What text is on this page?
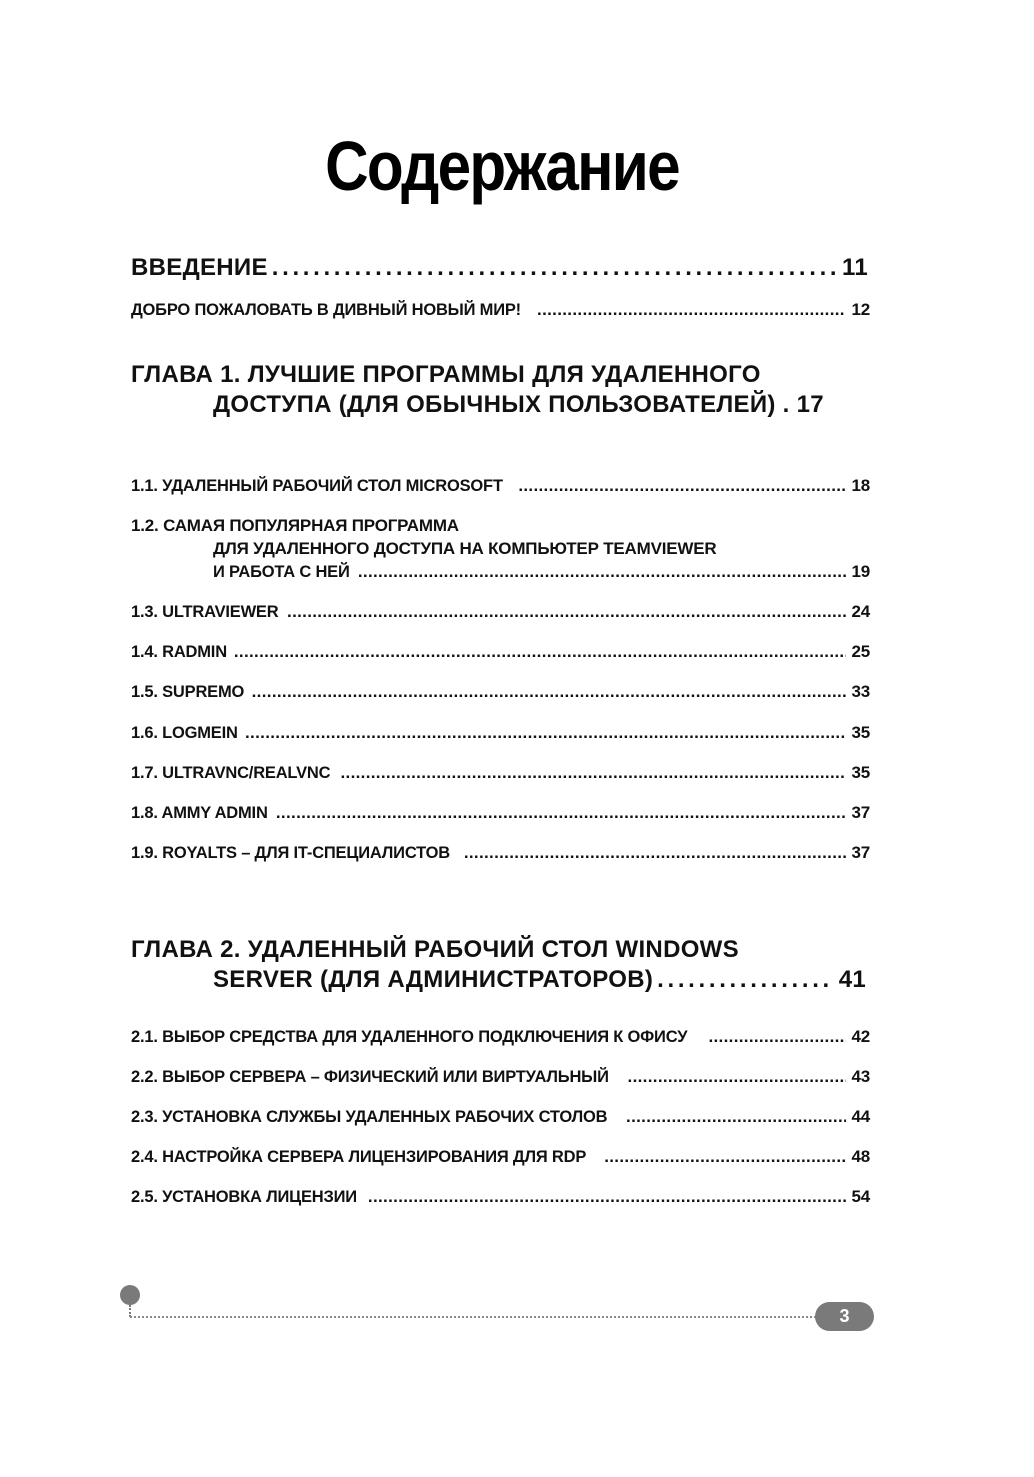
Содержание
ВВЕДЕНИЕ . . .	11
ДОБРО ПОЖАЛОВАТЬ В ДИВНЫЙ НОВЫЙ МИР! . . .	12
ГЛАВА 1. ЛУЧШИЕ ПРОГРАММЫ ДЛЯ УДАЛЕННОГО
ДОСТУПА (ДЛЯ ОБЫЧНЫХ ПОЛЬЗОВАТЕЛЕЙ) . 17
1.1. УДАЛЕННЫЙ РАБОЧИЙ СТОЛ MICROSOFT . . .	18
1.2. САМАЯ ПОПУЛЯРНАЯ ПРОГРАММА
ДЛЯ УДАЛЕННОГО ДОСТУПА НА КОМПЬЮТЕР TEAMVIEWER
И РАБОТА С НЕЙ . . .	19
1.3. ULTRAVIEWER . . .	24
1.4. RADMIN . . .	25
1.5. SUPREMO . . .	33
1.6. LOGMEIN . . .	35
1.7. ULTRAVNC/REALVNC . . .	35
1.8. AMMY ADMIN . . .	37
1.9. ROYALTS – ДЛЯ IT-СПЕЦИАЛИСТОВ . . .	37
ГЛАВА 2. УДАЛЕННЫЙ РАБОЧИЙ СТОЛ WINDOWS
SERVER (ДЛЯ АДМИНИСТРАТОРОВ) . . .	41
2.1. ВЫБОР СРЕДСТВА ДЛЯ УДАЛЕННОГО ПОДКЛЮЧЕНИЯ К ОФИСУ . . .	42
2.2. ВЫБОР СЕРВЕРА – ФИЗИЧЕСКИЙ ИЛИ ВИРТУАЛЬНЫЙ . . .	43
2.3. УСТАНОВКА СЛУЖБЫ УДАЛЕННЫХ РАБОЧИХ СТОЛОВ . . .	44
2.4. НАСТРОЙКА СЕРВЕРА ЛИЦЕНЗИРОВАНИЯ ДЛЯ RDP . . .	48
2.5. УСТАНОВКА ЛИЦЕНЗИИ . . .	54
3
